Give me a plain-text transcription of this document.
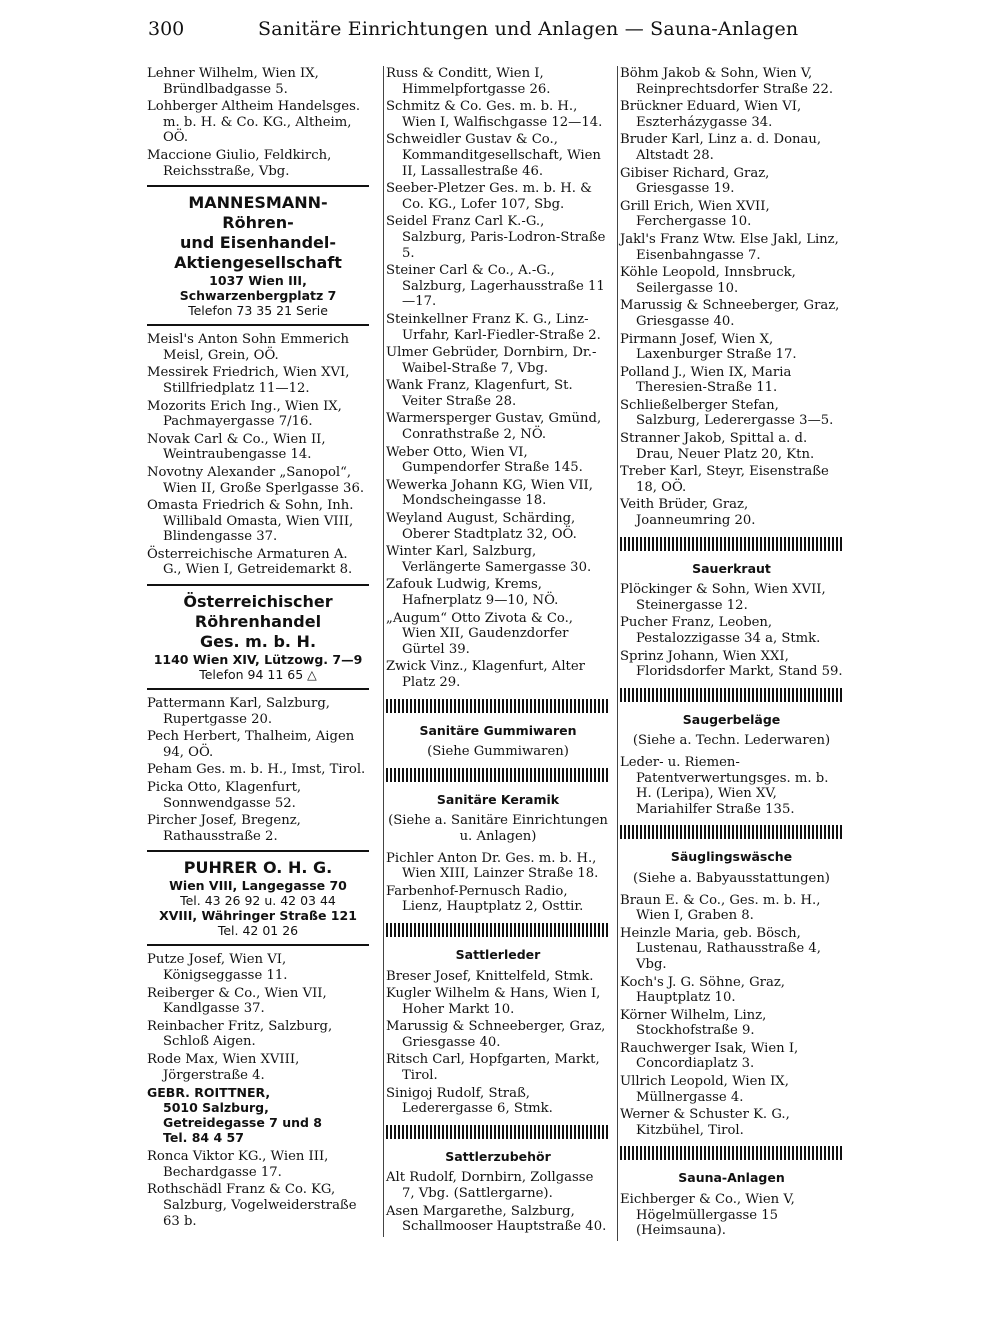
300	Sanitäre Einrichtungen und Anlagen — Sauna-Anlagen
Lehner Wilhelm, Wien IX, Bründlbadgasse 5.
Lohberger Altheim Handelsges. m. b. H. & Co. KG., Altheim, OÖ.
Maccione Giulio, Feldkirch, Reichsstraße, Vbg.
MANNESMANN-
Röhren-
und Eisenhandel-
Aktiengesellschaft
1037 Wien III,
Schwarzenbergplatz 7
Telefon 73 35 21 Serie
Meisl's Anton Sohn Emmerich Meisl, Grein, OÖ.
Messirek Friedrich, Wien XVI, Stillfriedplatz 11—12.
Mozorits Erich Ing., Wien IX, Pachmayergasse 7/16.
Novak Carl & Co., Wien II, Weintraubengasse 14.
Novotny Alexander „Sanopol“, Wien II, Große Sperlgasse 36.
Omasta Friedrich & Sohn, Inh. Willibald Omasta, Wien VIII, Blindengasse 37.
Österreichische Armaturen A. G., Wien I, Getreidemarkt 8.
Österreichischer
Röhrenhandel
Ges. m. b. H.
1140 Wien XIV, Lützowg. 7—9
Telefon 94 11 65 △
Pattermann Karl, Salzburg, Rupertgasse 20.
Pech Herbert, Thalheim, Aigen 94, OÖ.
Peham Ges. m. b. H., Imst, Tirol.
Picka Otto, Klagenfurt, Sonnwendgasse 52.
Pircher Josef, Bregenz, Rathausstraße 2.
PUHRER O. H. G.
Wien VIII, Langegasse 70
Tel. 43 26 92 u. 42 03 44
XVIII, Währinger Straße 121
Tel. 42 01 26
Putze Josef, Wien VI, Königseggasse 11.
Reiberger & Co., Wien VII, Kandlgasse 37.
Reinbacher Fritz, Salzburg, Schloß Aigen.
Rode Max, Wien XVIII, Jörgerstraße 4.
GEBR. ROITTNER,
5010 Salzburg,
Getreidegasse 7 und 8
Tel. 84 4 57
Ronca Viktor KG., Wien III, Bechardgasse 17.
Rothschädl Franz & Co. KG, Salzburg, Vogelweiderstraße 63 b.
Russ & Conditt, Wien I, Himmelpfortgasse 26.
Schmitz & Co. Ges. m. b. H., Wien I, Walfischgasse 12—14.
Schweidler Gustav & Co., Kommanditgesellschaft, Wien II, Lassallestraße 46.
Seeber-Pletzer Ges. m. b. H. & Co. KG., Lofer 107, Sbg.
Seidel Franz Carl K.-G., Salzburg, Paris-Lodron-Straße 5.
Steiner Carl & Co., A.-G., Salzburg, Lagerhausstraße 11—17.
Steinkellner Franz K. G., Linz-Urfahr, Karl-Fiedler-Straße 2.
Ulmer Gebrüder, Dornbirn, Dr.-Waibel-Straße 7, Vbg.
Wank Franz, Klagenfurt, St. Veiter Straße 28.
Warmersperger Gustav, Gmünd, Conrathstraße 2, NÖ.
Weber Otto, Wien VI, Gumpendorfer Straße 145.
Wewerka Johann KG, Wien VII, Mondscheingasse 18.
Weyland August, Schärding, Oberer Stadtplatz 32, OÖ.
Winter Karl, Salzburg, Verlängerte Samergasse 30.
Zafouk Ludwig, Krems, Hafnerplatz 9—10, NÖ.
„Augum“ Otto Zivota & Co., Wien XII, Gaudenzdorfer Gürtel 39.
Zwick Vinz., Klagenfurt, Alter Platz 29.
Sanitäre Gummiwaren
(Siehe Gummiwaren)
Sanitäre Keramik
(Siehe a. Sanitäre Einrichtungen u. Anlagen)
Pichler Anton Dr. Ges. m. b. H., Wien XIII, Lainzer Straße 18.
Farbenhof-Pernusch Radio, Lienz, Hauptplatz 2, Osttir.
Sattlerleder
Breser Josef, Knittelfeld, Stmk.
Kugler Wilhelm & Hans, Wien I, Hoher Markt 10.
Marussig & Schneeberger, Graz, Griesgasse 40.
Ritsch Carl, Hopfgarten, Markt, Tirol.
Sinigoj Rudolf, Straß, Lederergasse 6, Stmk.
Sattlerzubehör
Alt Rudolf, Dornbirn, Zollgasse 7, Vbg. (Sattlergarne).
Asen Margarethe, Salzburg, Schallmooser Hauptstraße 40.
Böhm Jakob & Sohn, Wien V, Reinprechtsdorfer Straße 22.
Brückner Eduard, Wien VI, Eszterházygasse 34.
Bruder Karl, Linz a. d. Donau, Altstadt 28.
Gibiser Richard, Graz, Griesgasse 19.
Grill Erich, Wien XVII, Ferchergasse 10.
Jakl's Franz Wtw. Else Jakl, Linz, Eisenbahngasse 7.
Köhle Leopold, Innsbruck, Seilergasse 10.
Marussig & Schneeberger, Graz, Griesgasse 40.
Pirmann Josef, Wien X, Laxenburger Straße 17.
Polland J., Wien IX, Maria Theresien-Straße 11.
Schließelberger Stefan, Salzburg, Lederergasse 3—5.
Stranner Jakob, Spittal a. d. Drau, Neuer Platz 20, Ktn.
Treber Karl, Steyr, Eisenstraße 18, OÖ.
Veith Brüder, Graz, Joanneumring 20.
Sauerkraut
Plöckinger & Sohn, Wien XVII, Steinergasse 12.
Pucher Franz, Leoben, Pestalozzigasse 34 a, Stmk.
Sprinz Johann, Wien XXI, Floridsdorfer Markt, Stand 59.
Saugerbeläge
(Siehe a. Techn. Lederwaren)
Leder- u. Riemen-Patentverwertungsges. m. b. H. (Leripa), Wien XV, Mariahilfer Straße 135.
Säuglingswäsche
(Siehe a. Babyausstattungen)
Braun E. & Co., Ges. m. b. H., Wien I, Graben 8.
Heinzle Maria, geb. Bösch, Lustenau, Rathausstraße 4, Vbg.
Koch's J. G. Söhne, Graz, Hauptplatz 10.
Körner Wilhelm, Linz, Stockhofstraße 9.
Rauchwerger Isak, Wien I, Concordiaplatz 3.
Ullrich Leopold, Wien IX, Müllnergasse 4.
Werner & Schuster K. G., Kitzbühel, Tirol.
Sauna-Anlagen
Eichberger & Co., Wien V, Högelmüllergasse 15 (Heimsauna).
